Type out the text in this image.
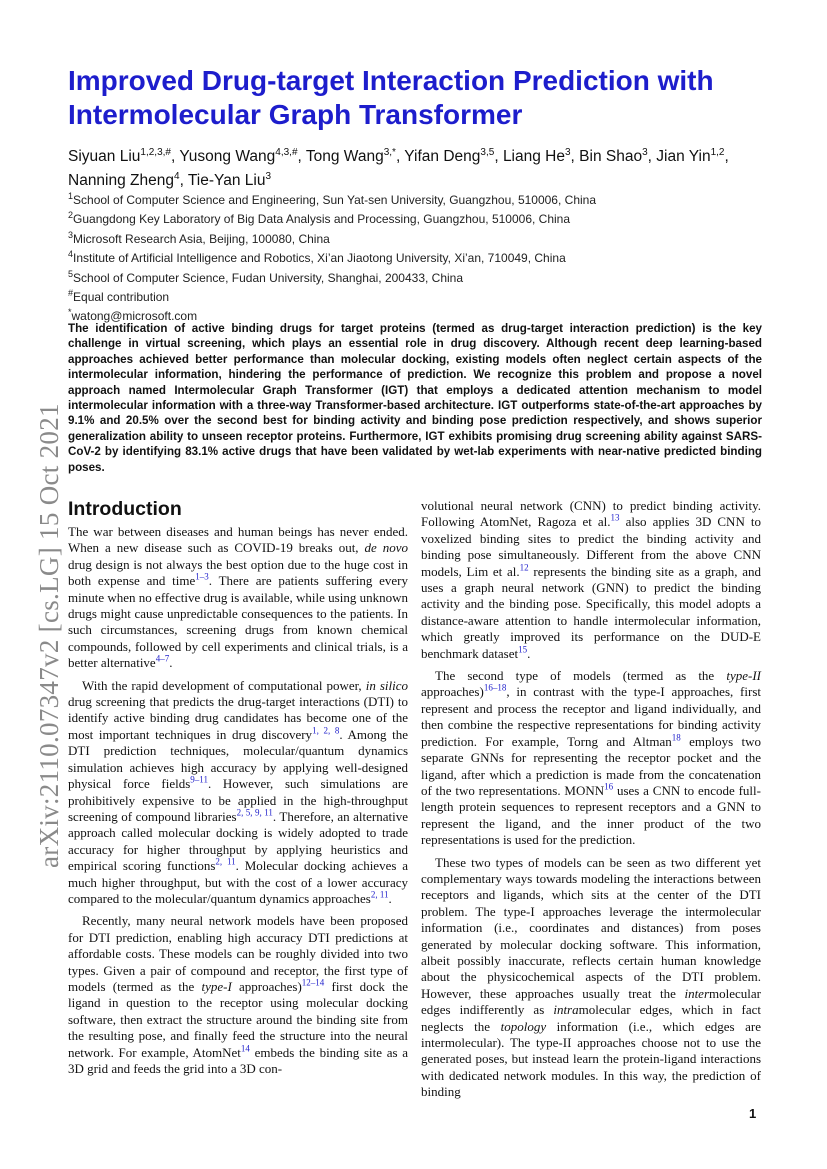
arXiv:2110.07347v2 [cs.LG] 15 Oct 2021
Improved Drug-target Interaction Prediction with Intermolecular Graph Transformer
Siyuan Liu$^{1,2,3,\#}$, Yusong Wang$^{4,3,\#}$, Tong Wang$^{3,*}$, Yifan Deng$^{3,5}$, Liang He$^3$, Bin Shao$^3$, Jian Yin$^{1,2}$, Nanning Zheng$^4$, Tie-Yan Liu$^3$
$^1$School of Computer Science and Engineering, Sun Yat-sen University, Guangzhou, 510006, China
$^2$Guangdong Key Laboratory of Big Data Analysis and Processing, Guangzhou, 510006, China
$^3$Microsoft Research Asia, Beijing, 100080, China
$^4$Institute of Artificial Intelligence and Robotics, Xi’an Jiaotong University, Xi’an, 710049, China
$^5$School of Computer Science, Fudan University, Shanghai, 200433, China
#Equal contribution
*watong@microsoft.com

The identification of active binding drugs for target proteins (termed as drug-target interaction prediction) is the key challenge in virtual screening, which plays an essential role in drug discovery. Although recent deep learning-based approaches achieved better performance than molecular docking, existing models often neglect certain aspects of the intermolecular information, hindering the performance of prediction. We recognize this problem and propose a novel approach named Intermolecular Graph Transformer (IGT) that employs a dedicated attention mechanism to model intermolecular information with a three-way Transformer-based architecture. IGT outperforms state-of-the-art approaches by 9.1% and 20.5% over the second best for binding activity and binding pose prediction respectively, and shows superior generalization ability to unseen receptor proteins. Furthermore, IGT exhibits promising drug screening ability against SARS-CoV-2 by identifying 83.1% active drugs that have been validated by wet-lab experiments with near-native predicted binding poses.

Introduction

The war between diseases and human beings has never ended. When a new disease such as COVID-19 breaks out, de novo drug design is not always the best option due to the huge cost in both expense and time$^{1-3}$. There are patients suffering every minute when no effective drug is available, while using unknown drugs might cause unpredictable consequences to the patients. In such circumstances, screening drugs from known chemical compounds, followed by cell experiments and clinical trials, is a better alternative$^{4-7}$.

With the rapid development of computational power, in silico drug screening that predicts the drug-target interactions (DTI) to identify active binding drug candidates has become one of the most important techniques in drug discovery$^{1, 2, 8}$. Among the DTI prediction techniques, molecular/quantum dynamics simulation achieves high accuracy by applying well-designed physical force fields$^{9-11}$. However, such simulations are prohibitively expensive to be applied in the high-throughput screening of compound libraries$^{2, 5, 9, 11}$. Therefore, an alternative approach called molecular docking is widely adopted to trade accuracy for higher throughput by applying heuristics and empirical scoring functions$^{2, 11}$. Molecular docking achieves a much higher throughput, but with the cost of a lower accuracy compared to the molecular/quantum dynamics approaches$^{2, 11}$.

Recently, many neural network models have been proposed for DTI prediction, enabling high accuracy DTI predictions at affordable costs. These models can be roughly divided into two types. Given a pair of compound and receptor, the first type of models (termed as the type-I approaches)$^{12-14}$ first dock the ligand in question to the receptor using molecular docking software, then extract the structure around the binding site from the resulting pose, and finally feed the structure into the neural network. For example, AtomNet$^{14}$ embeds the binding site as a 3D grid and feeds the grid into a 3D con-

volutional neural network (CNN) to predict binding activity. Following AtomNet, Ragoza et al.$^{13}$ also applies 3D CNN to voxelized binding sites to predict the binding activity and binding pose simultaneously. Different from the above CNN models, Lim et al.$^{12}$ represents the binding site as a graph, and uses a graph neural network (GNN) to predict the binding activity and the binding pose. Specifically, this model adopts a distance-aware attention to handle intermolecular information, which greatly improved its performance on the DUD-E benchmark dataset$^{15}$.

The second type of models (termed as the type-II approaches)$^{16-18}$, in contrast with the type-I approaches, first represent and process the receptor and ligand individually, and then combine the respective representations for binding activity prediction. For example, Torng and Altman$^{18}$ employs two separate GNNs for representing the receptor pocket and the ligand, after which a prediction is made from the concatenation of the two representations. MONN$^{16}$ uses a CNN to encode full-length protein sequences to represent receptors and a GNN to represent the ligand, and the inner product of the two representations is used for the prediction.

These two types of models can be seen as two different yet complementary ways towards modeling the interactions between receptors and ligands, which sits at the center of the DTI problem. The type-I approaches leverage the intermolecular information (i.e., coordinates and distances) from poses generated by molecular docking software. This information, albeit possibly inaccurate, reflects certain human knowledge about the physicochemical aspects of the DTI problem. However, these approaches usually treat the intermolecular edges indifferently as intramolecular edges, which in fact neglects the topology information (i.e., which edges are intermolecular). The type-II approaches choose not to use the generated poses, but instead learn the protein-ligand interactions with dedicated network modules. In this way, the prediction of binding

1
